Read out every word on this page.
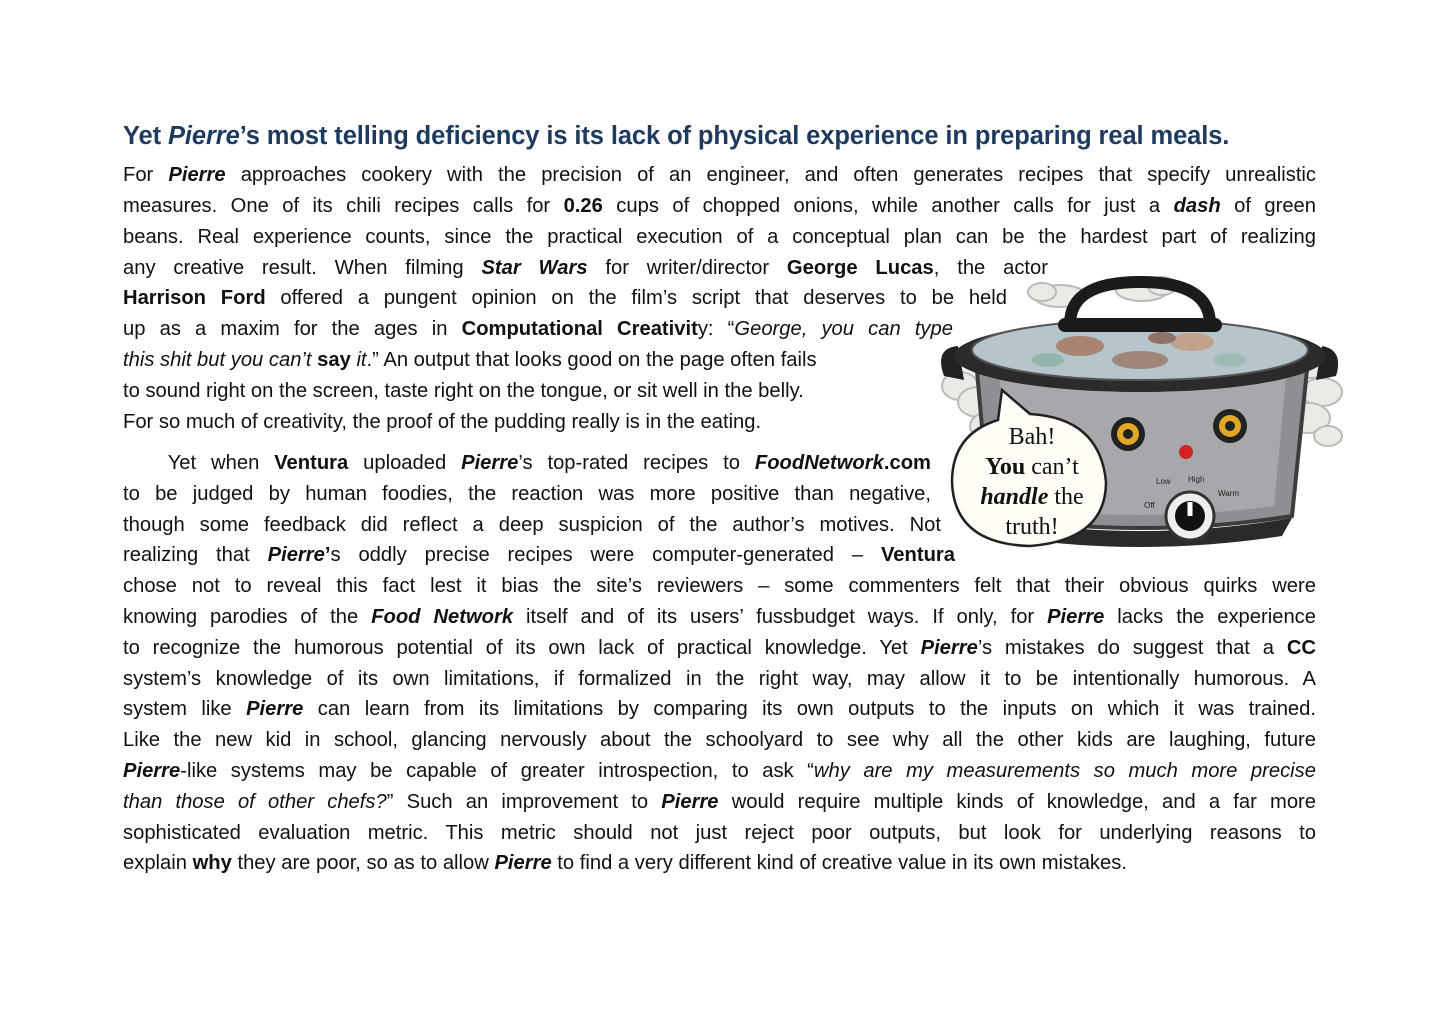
Yet Pierre’s most telling deficiency is its lack of physical experience in preparing real meals.
For Pierre approaches cookery with the precision of an engineer, and often generates recipes that specify unrealistic
measures. One of its chili recipes calls for 0.26 cups of chopped onions, while another calls for just a dash of green
beans. Real experience counts, since the practical execution of a conceptual plan can be the hardest part of realizing
any creative result. When filming Star Wars for writer/director George Lucas, the actor
Harrison Ford offered a pungent opinion on the film’s script that deserves to be held
up as a maxim for the ages in Computational Creativity: “George, you can type
this shit but you can’t say it.” An output that looks good on the page often fails
to sound right on the screen, taste right on the tongue, or sit well in the belly.
For so much of creativity, the proof of the pudding really is in the eating.
Yet when Ventura uploaded Pierre’s top-rated recipes to FoodNetwork.com
to be judged by human foodies, the reaction was more positive than negative,
though some feedback did reflect a deep suspicion of the author’s motives. Not
realizing that Pierre’s oddly precise recipes were computer-generated – Ventura
chose not to reveal this fact lest it bias the site’s reviewers – some commenters felt that their obvious quirks were
knowing parodies of the Food Network itself and of its users’ fussbudget ways. If only, for Pierre lacks the experience
to recognize the humorous potential of its own lack of practical knowledge. Yet Pierre’s mistakes do suggest that a CC
system’s knowledge of its own limitations, if formalized in the right way, may allow it to be intentionally humorous. A
system like Pierre can learn from its limitations by comparing its own outputs to the inputs on which it was trained.
Like the new kid in school, glancing nervously about the schoolyard to see why all the other kids are laughing, future
Pierre-like systems may be capable of greater introspection, to ask “why are my measurements so much more precise
than those of other chefs?” Such an improvement to Pierre would require multiple kinds of knowledge, and a far more
sophisticated evaluation metric. This metric should not just reject poor outputs, but look for underlying reasons to
explain why they are poor, so as to allow Pierre to find a very different kind of creative value in its own mistakes.
Low High
Warm
Off
Bah!
You can’t
handle the
truth!
